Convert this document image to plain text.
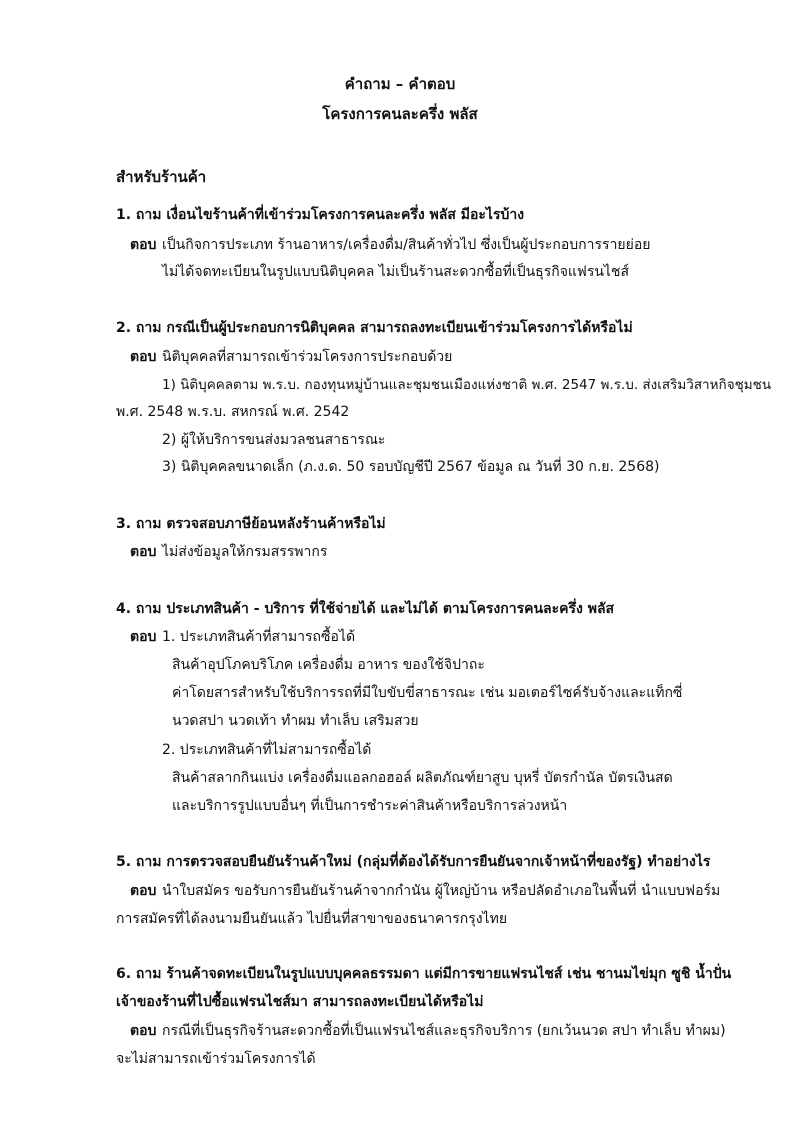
คำถาม – คำตอบ
โครงการคนละครึ่ง พลัส
สำหรับร้านค้า
1. ถาม เงื่อนไขร้านค้าที่เข้าร่วมโครงการคนละครึ่ง พลัส มีอะไรบ้าง
ตอบ เป็นกิจการประเภท ร้านอาหาร/เครื่องดื่ม/สินค้าทั่วไป ซึ่งเป็นผู้ประกอบการรายย่อย
ไม่ได้จดทะเบียนในรูปแบบนิติบุคคล ไม่เป็นร้านสะดวกซื้อที่เป็นธุรกิจแฟรนไชส์
2. ถาม กรณีเป็นผู้ประกอบการนิติบุคคล สามารถลงทะเบียนเข้าร่วมโครงการได้หรือไม่
ตอบ นิติบุคคลที่สามารถเข้าร่วมโครงการประกอบด้วย
1) นิติบุคคลตาม พ.ร.บ. กองทุนหมู่บ้านและชุมชนเมืองแห่งชาติ พ.ศ. 2547 พ.ร.บ. ส่งเสริมวิสาหกิจชุมชน
พ.ศ. 2548 พ.ร.บ. สหกรณ์ พ.ศ. 2542
2) ผู้ให้บริการขนส่งมวลชนสาธารณะ
3) นิติบุคคลขนาดเล็ก (ภ.ง.ด. 50 รอบบัญชีปี 2567 ข้อมูล ณ วันที่ 30 ก.ย. 2568)
3. ถาม ตรวจสอบภาษีย้อนหลังร้านค้าหรือไม่
ตอบ ไม่ส่งข้อมูลให้กรมสรรพากร
4. ถาม ประเภทสินค้า - บริการ ที่ใช้จ่ายได้ และไม่ได้ ตามโครงการคนละครึ่ง พลัส
ตอบ 1. ประเภทสินค้าที่สามารถซื้อได้
สินค้าอุปโภคบริโภค เครื่องดื่ม อาหาร ของใช้จิปาถะ
ค่าโดยสารสำหรับใช้บริการรถที่มีใบขับขี่สาธารณะ เช่น มอเตอร์ไซค์รับจ้างและแท็กซี่
นวดสปา นวดเท้า ทำผม ทำเล็บ เสริมสวย
2. ประเภทสินค้าที่ไม่สามารถซื้อได้
สินค้าสลากกินแบ่ง เครื่องดื่มแอลกอฮอล์ ผลิตภัณฑ์ยาสูบ บุหรี่ บัตรกำนัล บัตรเงินสด
และบริการรูปแบบอื่นๆ ที่เป็นการชำระค่าสินค้าหรือบริการล่วงหน้า
5. ถาม การตรวจสอบยืนยันร้านค้าใหม่ (กลุ่มที่ต้องได้รับการยืนยันจากเจ้าหน้าที่ของรัฐ) ทำอย่างไร
ตอบ นำใบสมัคร ขอรับการยืนยันร้านค้าจากกำนัน ผู้ใหญ่บ้าน หรือปลัดอำเภอในพื้นที่ นำแบบฟอร์ม
การสมัครที่ได้ลงนามยืนยันแล้ว ไปยื่นที่สาขาของธนาคารกรุงไทย
6. ถาม ร้านค้าจดทะเบียนในรูปแบบบุคคลธรรมดา แต่มีการขายแฟรนไชส์ เช่น ชานมไข่มุก ซูชิ น้ำปั่น
เจ้าของร้านที่ไปซื้อแฟรนไชส์มา สามารถลงทะเบียนได้หรือไม่
ตอบ กรณีที่เป็นธุรกิจร้านสะดวกซื้อที่เป็นแฟรนไชส์และธุรกิจบริการ (ยกเว้นนวด สปา ทำเล็บ ทำผม)
จะไม่สามารถเข้าร่วมโครงการได้
